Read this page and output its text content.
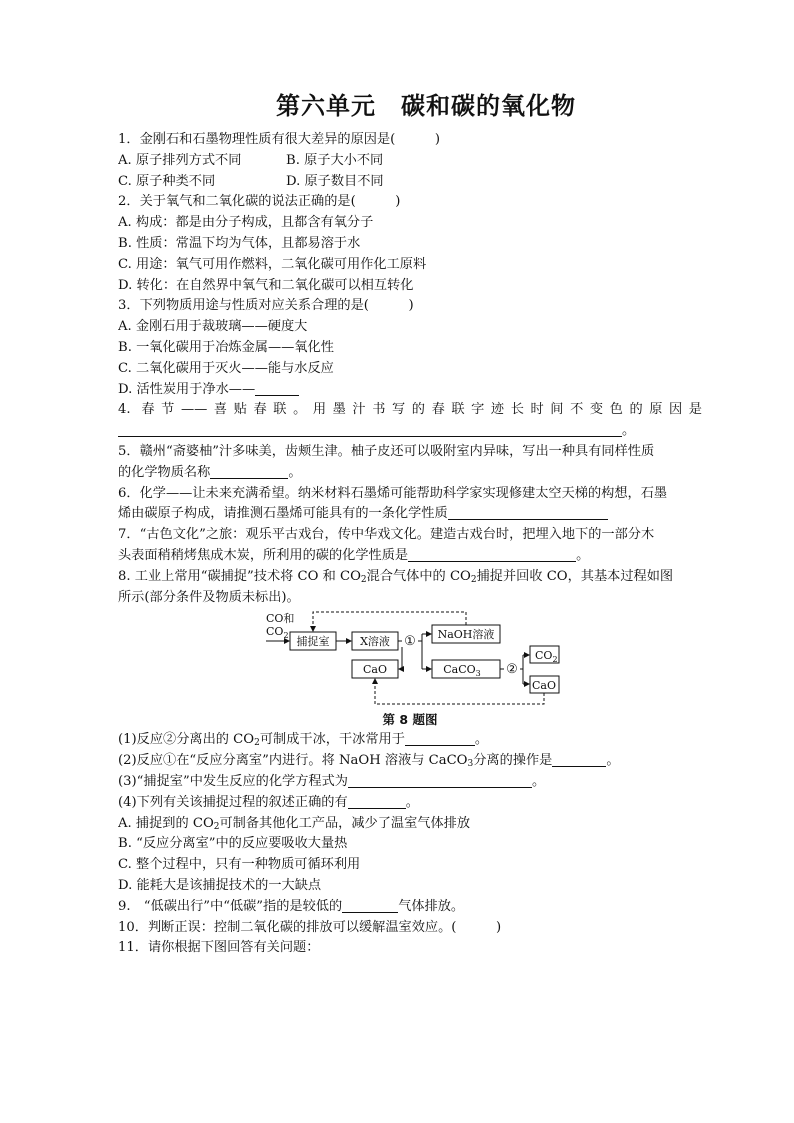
第六单元　碳和碳的氧化物
1．金刚石和石墨物理性质有很大差异的原因是(　　　)
A. 原子排列方式不同	B. 原子大小不同
C. 原子种类不同	D. 原子数目不同
2．关于氧气和二氧化碳的说法正确的是(　　　)
A. 构成：都是由分子构成，且都含有氧分子
B. 性质：常温下均为气体，且都易溶于水
C. 用途：氧气可用作燃料，二氧化碳可用作化工原料
D. 转化：在自然界中氧气和二氧化碳可以相互转化
3．下列物质用途与性质对应关系合理的是(　　　)
A. 金刚石用于裁玻璃——硬度大
B. 一氧化碳用于冶炼金属——氧化性
C. 二氧化碳用于灭火——能与水反应
D. 活性炭用于净水——
4. 春节——喜贴春联。用墨汁书写的春联字迹长时间不变色的原因是
。
5．赣州“斋婆柚”汁多味美，齿颊生津。柚子皮还可以吸附室内异味，写出一种具有同样性质
的化学物质名称	。
6．化学——让未来充满希望。纳米材料石墨烯可能帮助科学家实现修建太空天梯的构想，石墨
烯由碳原子构成，请推测石墨烯可能具有的一条化学性质
7．“古色文化”之旅：观乐平古戏台，传中华戏文化。建造古戏台时，把埋入地下的一部分木
头表面稍稍烤焦成木炭，所利用的碳的化学性质是	。
8. 工业上常用“碳捕捉”技术将 CO 和 $CO_2$混合气体中的 $CO_2$捕捉并回收 CO，其基本过程如图
所示(部分条件及物质未标出)。
CO和
$CO_2$ 捕捉室	X溶液 ①
CaO
NaOH溶液
CaCO$_3$ ②
$CO_2$
CaO
第 8 题图
(1)反应②分离出的 $CO_2$可制成干冰，干冰常用于	。
(2)反应①在“反应分离室”内进行。将 NaOH 溶液与 CaCO$_3$分离的操作是	。
(3)“捕捉室”中发生反应的化学方程式为	。
(4)下列有关该捕捉过程的叙述正确的有	。
A. 捕捉到的 $CO_2$可制备其他化工产品，减少了温室气体排放
B. “反应分离室”中的反应要吸收大量热
C. 整个过程中，只有一种物质可循环利用
D. 能耗大是该捕捉技术的一大缺点
9.　“低碳出行”中“低碳”指的是较低的	气体排放。
10．判断正误：控制二氧化碳的排放可以缓解温室效应。(　　　)
11．请你根据下图回答有关问题：
